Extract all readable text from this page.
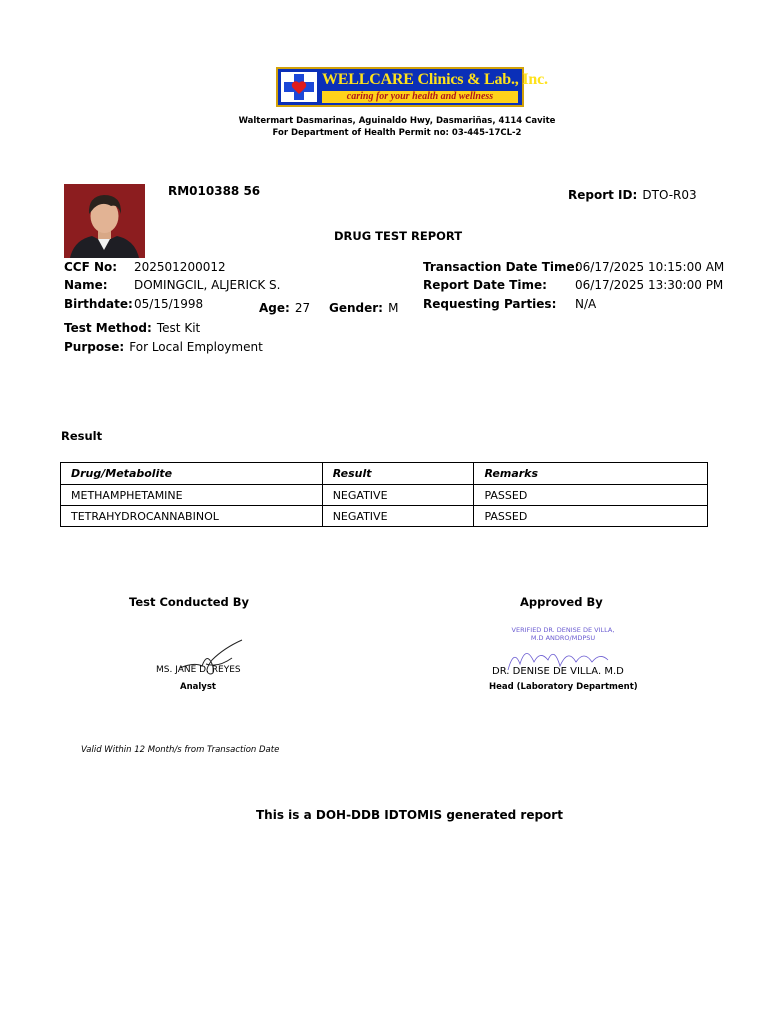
WELLCARE Clinics & Lab., Inc.
caring for your health and wellness
Waltermart Dasmarinas, Aguinaldo Hwy, Dasmariñas, 4114 Cavite
For Department of Health Permit no: 03-445-17CL-2
RM010388 56	Report ID: DTO-R03
DRUG TEST REPORT
CCF No: 202501200012
Name: DOMINGCIL, ALJERICK S.
Birthdate: 05/15/1998	Age: 27 Gender: M
Test Method: Test Kit
Purpose: For Local Employment
Transaction Date Time:
06/17/2025 10:15:00 AM
Report Date Time: 06/17/2025 13:30:00 PM
Requesting Parties: N/A
Result
Drug/Metabolite	Result	Remarks
METHAMPHETAMINE	NEGATIVE	PASSED
TETRAHYDROCANNABINOL	NEGATIVE	PASSED
Test Conducted By	Approved By
MS. JANE D. REYES
Analyst
VERIFIED DR. DENISE DE VILLA, M.D ANDRO/MDPSU
DR. DENISE DE VILLA. M.D
Head (Laboratory Department)
Valid Within 12 Month/s from Transaction Date
This is a DOH-DDB IDTOMIS generated report
